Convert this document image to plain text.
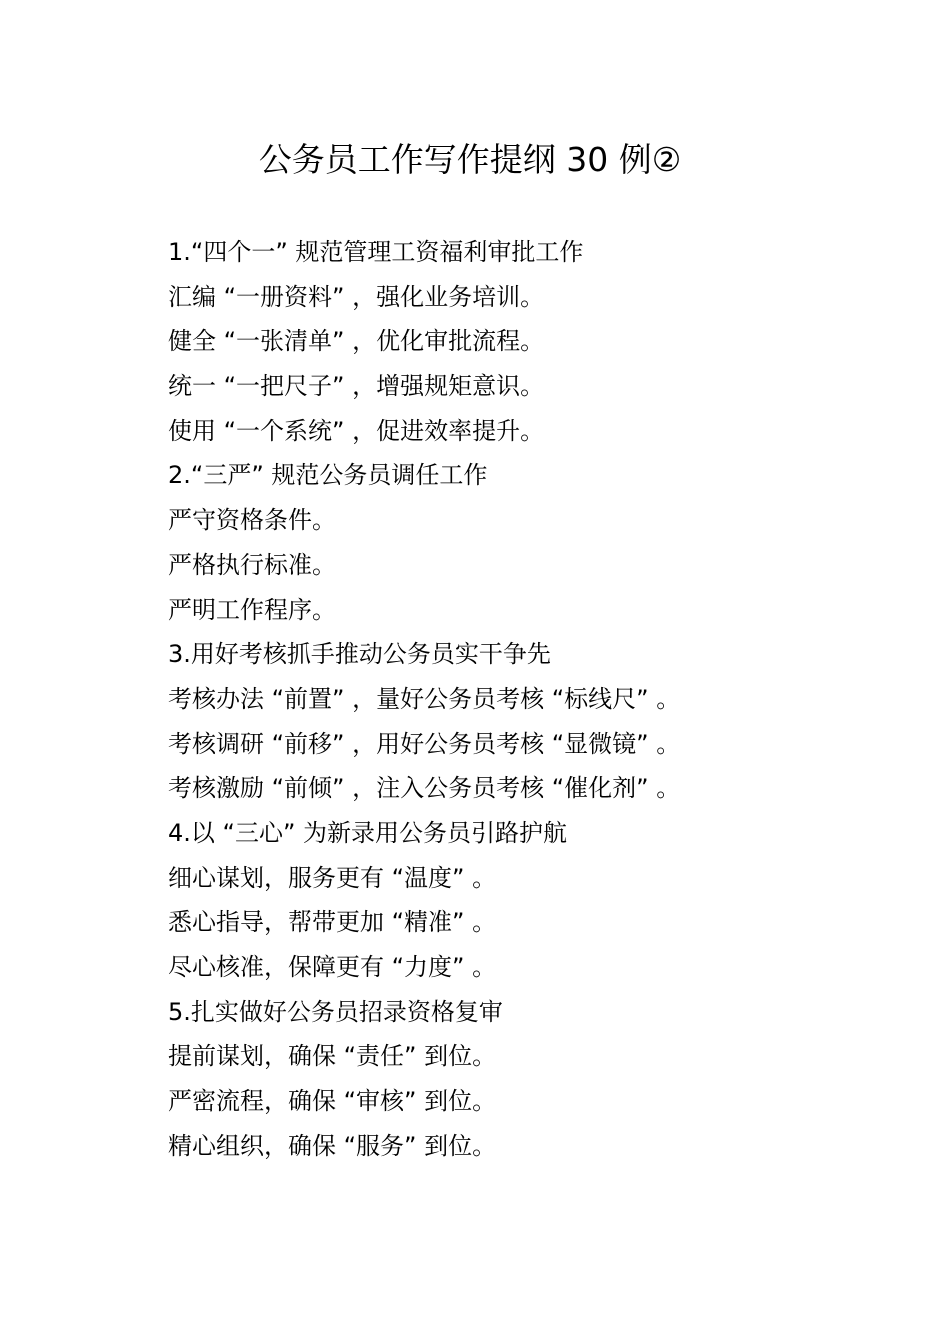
公务员工作写作提纲 30 例②

1.“四个一” 规范管理工资福利审批工作

汇编 “一册资料” ，强化业务培训。

健全 “一张清单” ，优化审批流程。

统一 “一把尺子” ，增强规矩意识。

使用 “一个系统” ，促进效率提升。

2.“三严” 规范公务员调任工作

严守资格条件。

严格执行标准。

严明工作程序。

3.用好考核抓手推动公务员实干争先

考核办法 “前置” ，量好公务员考核 “标线尺” 。

考核调研 “前移” ，用好公务员考核 “显微镜” 。

考核激励 “前倾” ，注入公务员考核 “催化剂” 。

4.以 “三心” 为新录用公务员引路护航

细心谋划，服务更有 “温度” 。

悉心指导，帮带更加 “精准” 。

尽心核准，保障更有 “力度” 。

5.扎实做好公务员招录资格复审

提前谋划，确保 “责任” 到位。

严密流程，确保 “审核” 到位。

精心组织，确保 “服务” 到位。
